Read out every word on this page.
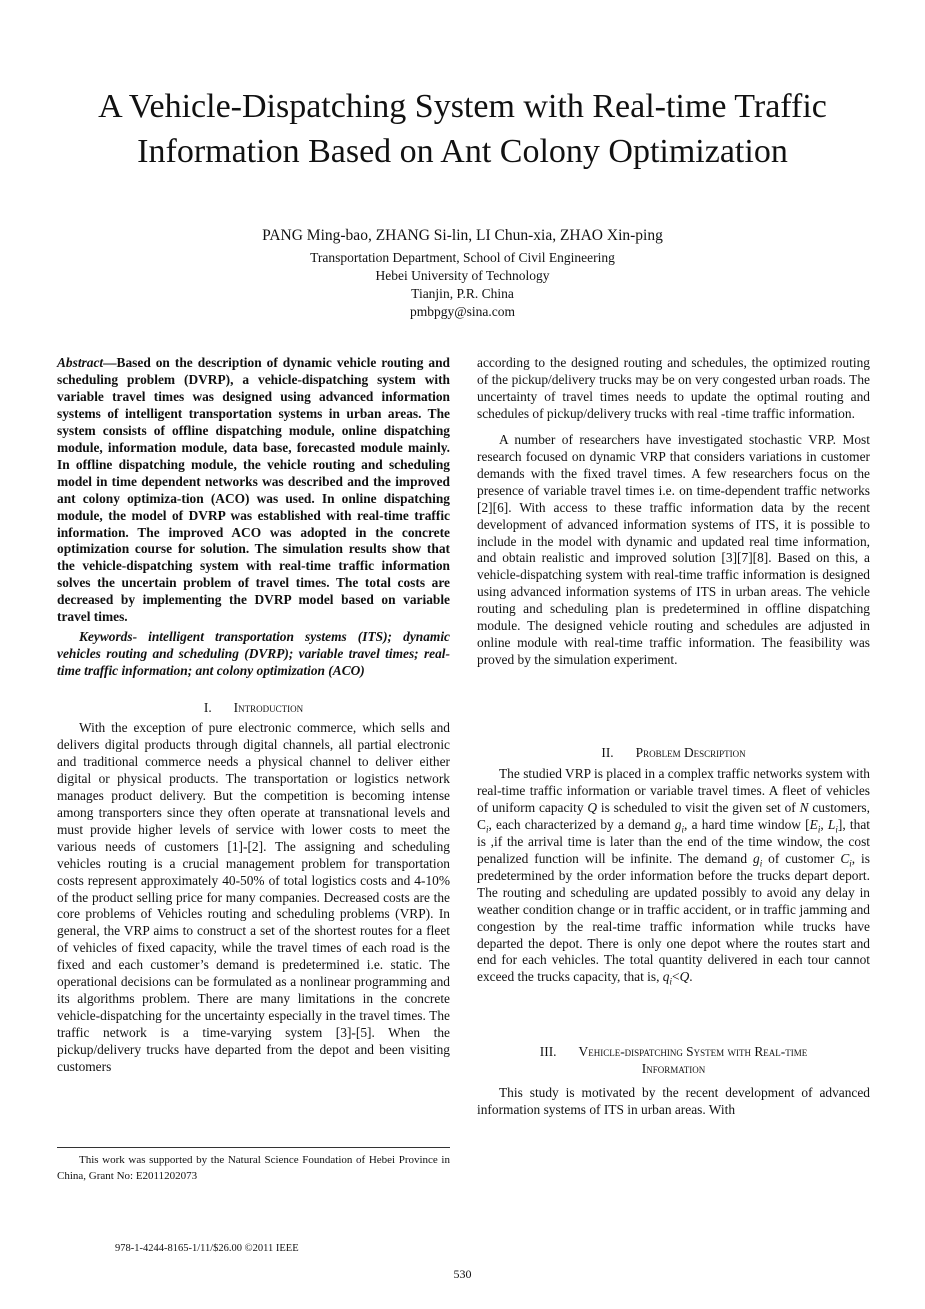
A Vehicle-Dispatching System with Real-time Traffic
Information Based on Ant Colony Optimization
PANG Ming-bao, ZHANG Si-lin, LI Chun-xia, ZHAO Xin-ping
Transportation Department, School of Civil Engineering
Hebei University of Technology
Tianjin, P.R. China
pmbpgy@sina.com

Abstract—Based on the description of dynamic vehicle routing and scheduling problem (DVRP), a vehicle-dispatching system with variable travel times was designed using advanced information systems of intelligent transportation systems in urban areas. The system consists of offline dispatching module, online dispatching module, information module, data base, forecasted module mainly. In offline dispatching module, the vehicle routing and scheduling model in time dependent networks was described and the improved ant colony optimiza-tion (ACO) was used. In online dispatching module, the model of DVRP was established with real-time traffic information. The improved ACO was adopted in the concrete optimization course for solution. The simulation results show that the vehicle-dispatching system with real-time traffic information solves the uncertain problem of travel times. The total costs are decreased by implementing the DVRP model based on variable travel times.

Keywords- intelligent transportation systems (ITS); dynamic vehicles routing and scheduling (DVRP); variable travel times; real-time traffic information; ant colony optimization (ACO)

I. Introduction

With the exception of pure electronic commerce, which sells and delivers digital products through digital channels, all partial electronic and traditional commerce needs a physical channel to deliver either digital or physical products. The transportation or logistics network manages product delivery. But the competition is becoming intense among transporters since they often operate at transnational levels and must provide higher levels of service with lower costs to meet the various needs of customers [1]-[2]. The assigning and scheduling vehicles routing is a crucial management problem for transportation costs represent approximately 40-50% of total logistics costs and 4-10% of the product selling price for many companies. Decreased costs are the core problems of Vehicles routing and scheduling problems (VRP). In general, the VRP aims to construct a set of the shortest routes for a fleet of vehicles of fixed capacity, while the travel times of each road is the fixed and each customer’s demand is predetermined i.e. static. The operational decisions can be formulated as a nonlinear programming and its algorithms problem. There are many limitations in the concrete vehicle-dispatching for the uncertainty especially in the travel times. The traffic network is a time-varying system [3]-[5]. When the pickup/delivery trucks have departed from the depot and been visiting customers

This work was supported by the Natural Science Foundation of Hebei Province in China, Grant No: E2011202073
978-1-4244-8165-1/11/$26.00 ©2011 IEEE
530

according to the designed routing and schedules, the optimized routing of the pickup/delivery trucks may be on very congested urban roads. The uncertainty of travel times needs to update the optimal routing and schedules of pickup/delivery trucks with real -time traffic information.

A number of researchers have investigated stochastic VRP. Most research focused on dynamic VRP that considers variations in customer demands with the fixed travel times. A few researchers focus on the presence of variable travel times i.e. on time-dependent traffic networks [2][6]. With access to these traffic information data by the recent development of advanced information systems of ITS, it is possible to include in the model with dynamic and updated real time information, and obtain realistic and improved solution [3][7][8]. Based on this, a vehicle-dispatching system with real-time traffic information is designed using advanced information systems of ITS in urban areas. The vehicle routing and scheduling plan is predetermined in offline dispatching module. The designed vehicle routing and schedules are adjusted in online module with real-time traffic information. The feasibility was proved by the simulation experiment.

II. Problem Description

The studied VRP is placed in a complex traffic networks system with real-time traffic information or variable travel times. A fleet of vehicles of uniform capacity Q is scheduled to visit the given set of N customers, $C_i$, each characterized by a demand $g_i$, a hard time window [$E_i$, $L_i$], that is ,if the arrival time is later than the end of the time window, the cost penalized function will be infinite. The demand $g_i$ of customer $C_i$, is predetermined by the order information before the trucks depart deport. The routing and scheduling are updated possibly to avoid any delay in weather condition change or in traffic accident, or in traffic jamming and congestion by the real-time traffic information while trucks have departed the depot. There is only one depot where the routes start and end for each vehicles. The total quantity delivered in each tour cannot exceed the trucks capacity, that is, $q_i<Q$.

III. Vehicle-dispatching System with Real-time
Information

This study is motivated by the recent development of advanced information systems of ITS in urban areas. With
